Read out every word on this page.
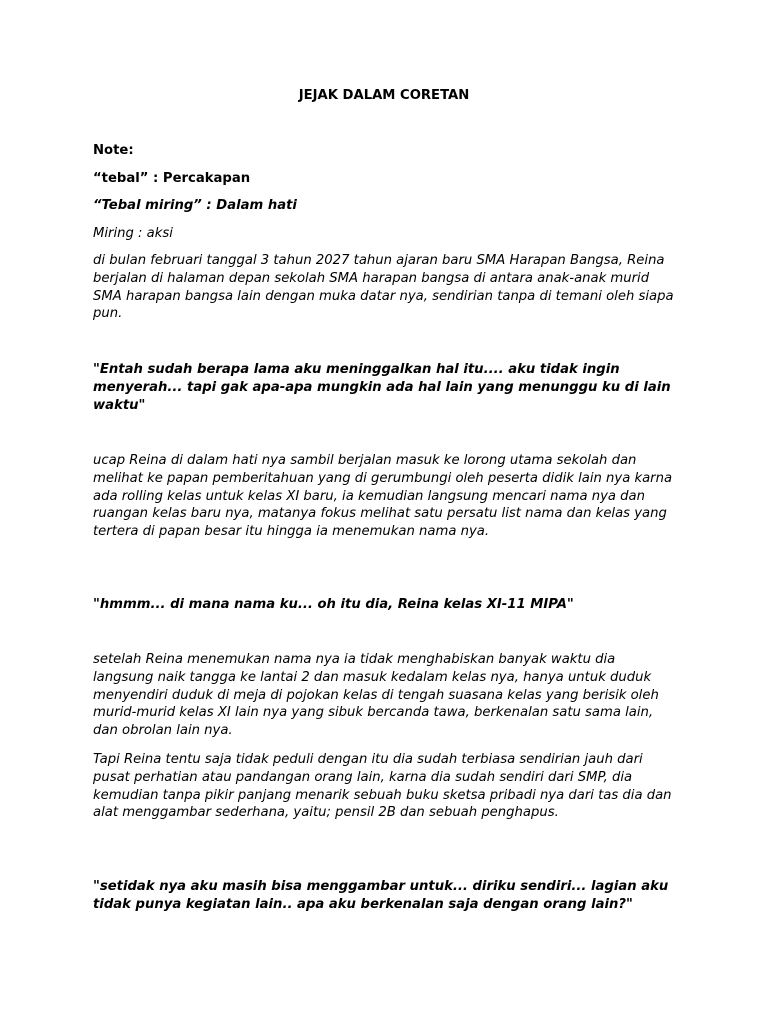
JEJAK DALAM CORETAN

Note:

“tebal” : Percakapan

“Tebal miring” : Dalam hati

Miring : aksi

di bulan februari tanggal 3 tahun 2027 tahun ajaran baru SMA Harapan Bangsa, Reina berjalan di halaman depan sekolah SMA harapan bangsa di antara anak-anak murid SMA harapan bangsa lain dengan muka datar nya, sendirian tanpa di temani oleh siapa pun.

"Entah sudah berapa lama aku meninggalkan hal itu.... aku tidak ingin menyerah... tapi gak apa-apa mungkin ada hal lain yang menunggu ku di lain waktu"

ucap Reina di dalam hati nya sambil berjalan masuk ke lorong utama sekolah dan melihat ke papan pemberitahuan yang di gerumbungi oleh peserta didik lain nya karna ada rolling kelas untuk kelas XI baru, ia kemudian langsung mencari nama nya dan ruangan kelas baru nya, matanya fokus melihat satu persatu list nama dan kelas yang tertera di papan besar itu hingga ia menemukan nama nya.

"hmmm... di mana nama ku... oh itu dia, Reina kelas XI-11 MIPA"

setelah Reina menemukan nama nya ia tidak menghabiskan banyak waktu dia langsung naik tangga ke lantai 2 dan masuk kedalam kelas nya, hanya untuk duduk menyendiri duduk di meja di pojokan kelas di tengah suasana kelas yang berisik oleh murid-murid kelas XI lain nya yang sibuk bercanda tawa, berkenalan satu sama lain, dan obrolan lain nya.

Tapi Reina tentu saja tidak peduli dengan itu dia sudah terbiasa sendirian jauh dari pusat perhatian atau pandangan orang lain, karna dia sudah sendiri dari SMP, dia kemudian tanpa pikir panjang menarik sebuah buku sketsa pribadi nya dari tas dia dan alat menggambar sederhana, yaitu; pensil 2B dan sebuah penghapus.

"setidak nya aku masih bisa menggambar untuk... diriku sendiri... lagian aku tidak punya kegiatan lain.. apa aku berkenalan saja dengan orang lain?"
